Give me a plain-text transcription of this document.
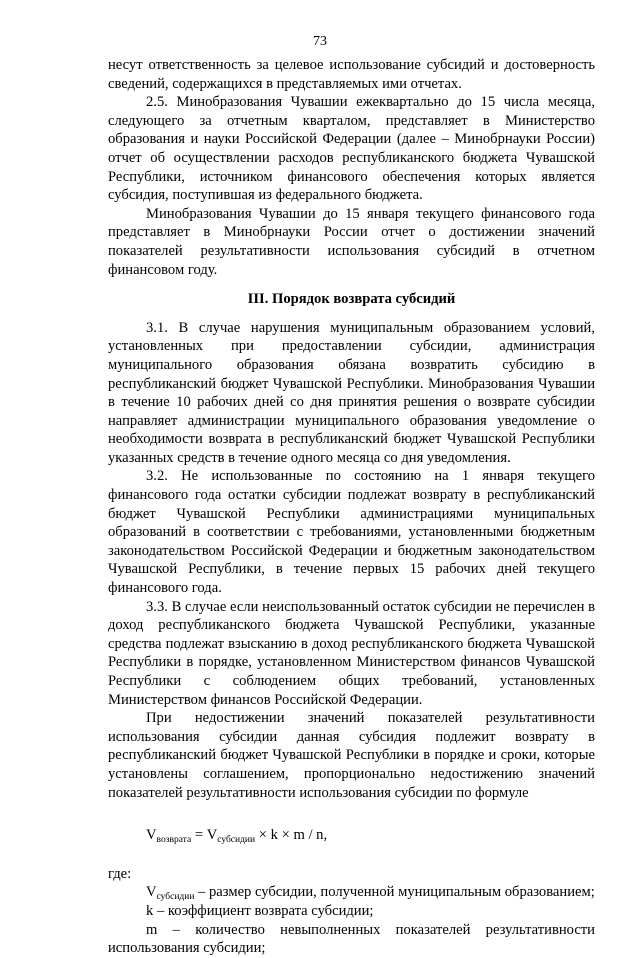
73

несут ответственность за целевое использование субсидий и достоверность сведений, содержащихся в представляемых ими отчетах.

2.5. Минобразования Чувашии ежеквартально до 15 числа месяца, следующего за отчетным кварталом, представляет в Министерство образования и науки Российской Федерации (далее – Минобрнауки России) отчет об осуществлении расходов республиканского бюджета Чувашской Республики, источником финансового обеспечения которых является субсидия, поступившая из федерального бюджета.

Минобразования Чувашии до 15 января текущего финансового года представляет в Минобрнауки России отчет о достижении значений показателей результативности использования субсидий в отчетном финансовом году.

III. Порядок возврата субсидий

3.1. В случае нарушения муниципальным образованием условий, установленных при предоставлении субсидии, администрация муниципального образования обязана возвратить субсидию в республиканский бюджет Чувашской Республики. Минобразования Чувашии в течение 10 рабочих дней со дня принятия решения о возврате субсидии направляет администрации муниципального образования уведомление о необходимости возврата в республиканский бюджет Чувашской Республики указанных средств в течение одного месяца со дня уведомления.

3.2. Не использованные по состоянию на 1 января текущего финансового года остатки субсидии подлежат возврату в республиканский бюджет Чувашской Республики администрациями муниципальных образований в соответствии с требованиями, установленными бюджетным законодательством Российской Федерации и бюджетным законодательством Чувашской Республики, в течение первых 15 рабочих дней текущего финансового года.

3.3. В случае если неиспользованный остаток субсидии не перечислен в доход республиканского бюджета Чувашской Республики, указанные средства подлежат взысканию в доход республиканского бюджета Чувашской Республики в порядке, установленном Министерством финансов Чувашской Республики с соблюдением общих требований, установленных Министерством финансов Российской Федерации.

При недостижении значений показателей результативности использования субсидии данная субсидия подлежит возврату в республиканский бюджет Чувашской Республики в порядке и сроки, которые установлены соглашением, пропорционально недостижению значений показателей результативности использования субсидии по формуле

$V_{возврата} = V_{субсидии} \times k \times m / n$,

где:

$V_{субсидии}$ – размер субсидии, полученной муниципальным образованием;

k – коэффициент возврата субсидии;

m – количество невыполненных показателей результативности использования субсидии;
